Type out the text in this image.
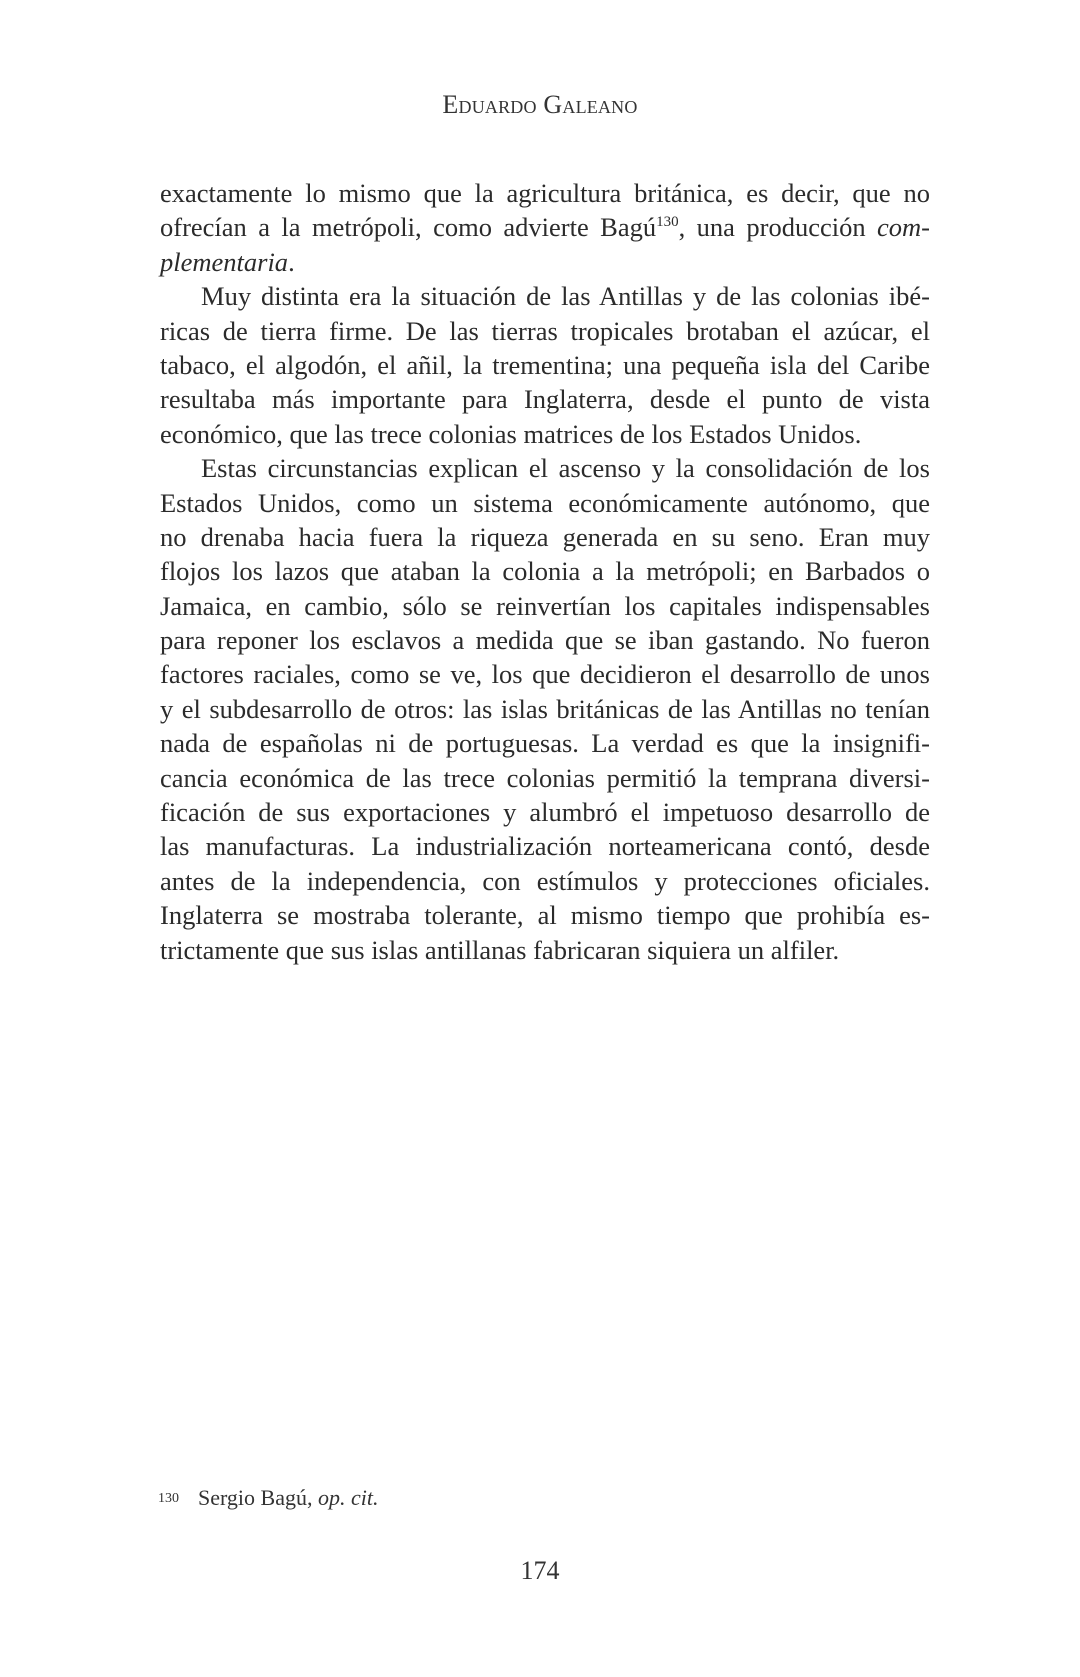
Eduardo Galeano
exactamente lo mismo que la agricultura británica, es decir, que no
ofrecían a la metrópoli, como advierte Bagú$^{130}$, una producción com-
plementaria.
Muy distinta era la situación de las Antillas y de las colonias ibé-
ricas de tierra firme. De las tierras tropicales brotaban el azúcar, el
tabaco, el algodón, el añil, la trementina; una pequeña isla del Caribe
resultaba más importante para Inglaterra, desde el punto de vista
económico, que las trece colonias matrices de los Estados Unidos.
Estas circunstancias explican el ascenso y la consolidación de los
Estados Unidos, como un sistema económicamente autónomo, que
no drenaba hacia fuera la riqueza generada en su seno. Eran muy
flojos los lazos que ataban la colonia a la metrópoli; en Barbados o
Jamaica, en cambio, sólo se reinvertían los capitales indispensables
para reponer los esclavos a medida que se iban gastando. No fueron
factores raciales, como se ve, los que decidieron el desarrollo de unos
y el subdesarrollo de otros: las islas británicas de las Antillas no tenían
nada de españolas ni de portuguesas. La verdad es que la insignifi-
cancia económica de las trece colonias permitió la temprana diversi-
ficación de sus exportaciones y alumbró el impetuoso desarrollo de
las manufacturas. La industrialización norteamericana contó, desde
antes de la independencia, con estímulos y protecciones oficiales.
Inglaterra se mostraba tolerante, al mismo tiempo que prohibía es-
trictamente que sus islas antillanas fabricaran siquiera un alfiler.
130 Sergio Bagú, op. cit.
174
